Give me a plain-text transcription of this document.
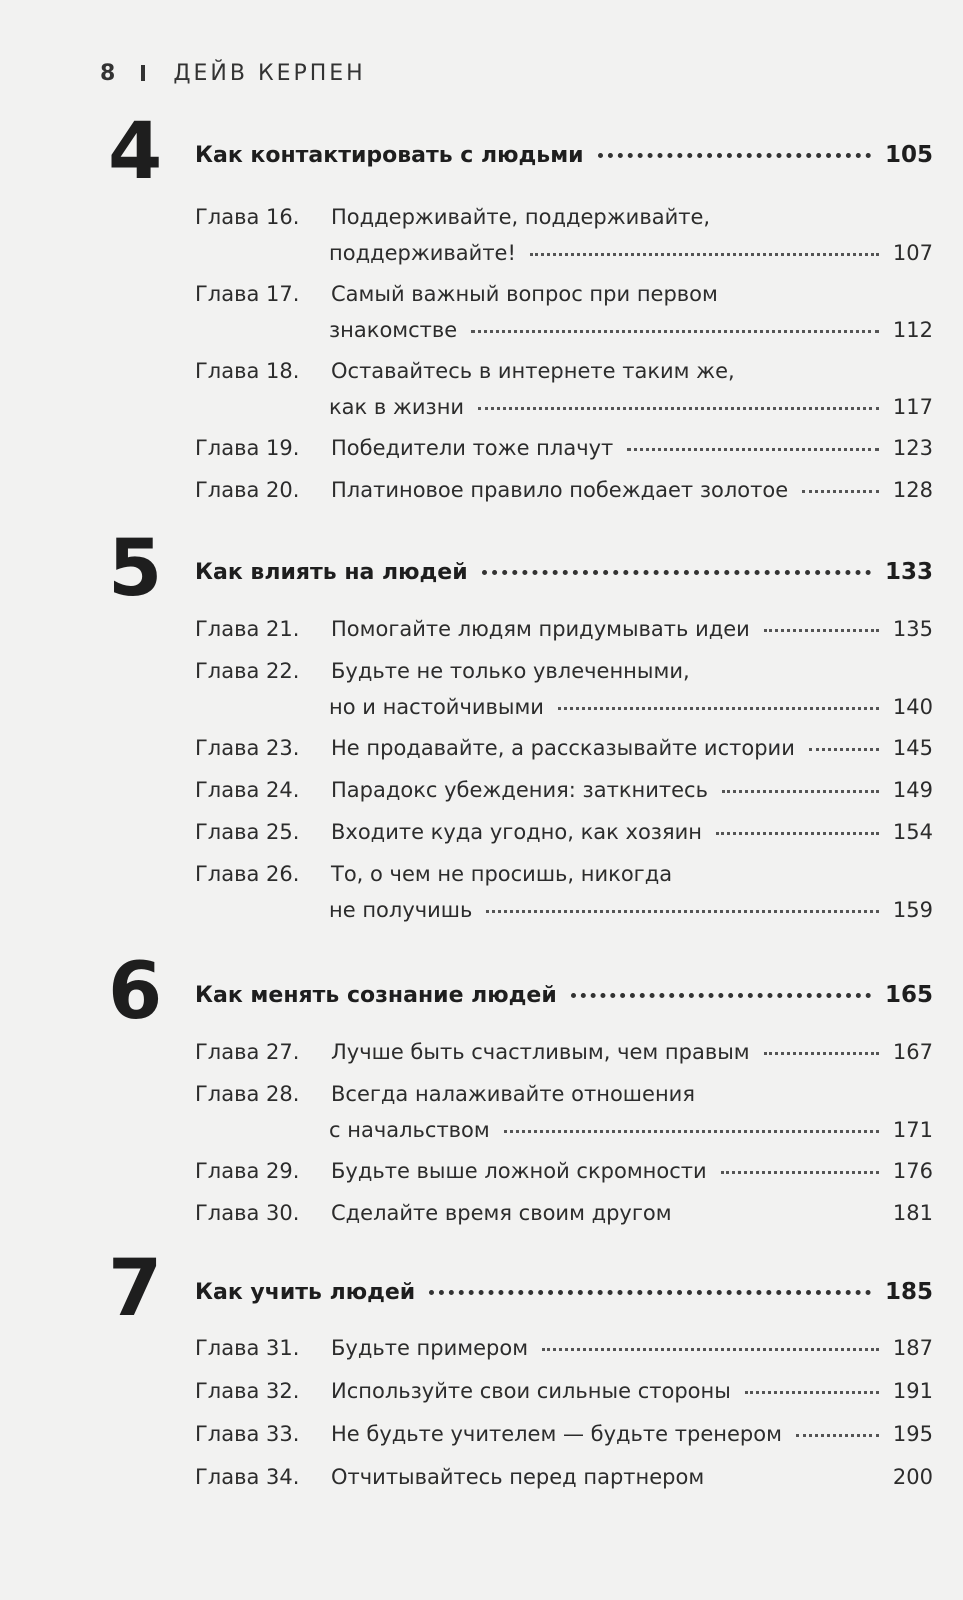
8	ДЕЙВ КЕРПЕН
4 Как контактировать с людьми	105
Глава 16.	Поддерживайте, поддерживайте,
поддерживайте!	107
Глава 17.	Самый важный вопрос при первом
знакомстве	112
Глава 18.	Оставайтесь в интернете таким же,
как в жизни	117
Глава 19.	Победители тоже плачут	123
Глава 20.	Платиновое правило побеждает золотое	128
5 Как влиять на людей	133
Глава 21.	Помогайте людям придумывать идеи	135
Глава 22.	Будьте не только увлеченными,
но и настойчивыми	140
Глава 23.	Не продавайте, а рассказывайте истории	145
Глава 24.	Парадокс убеждения: заткнитесь	149
Глава 25.	Входите куда угодно, как хозяин	154
Глава 26.	То, о чем не просишь, никогда
не получишь	159
6 Как менять сознание людей	165
Глава 27.	Лучше быть счастливым, чем правым	167
Глава 28.	Всегда налаживайте отношения
с начальством	171
Глава 29.	Будьте выше ложной скромности	176
Глава 30.	Сделайте время своим другом	181
7 Как учить людей	185
Глава 31.	Будьте примером	187
Глава 32.	Используйте свои сильные стороны	191
Глава 33.	Не будьте учителем — будьте тренером	195
Глава 34.	Отчитывайтесь перед партнером	200
